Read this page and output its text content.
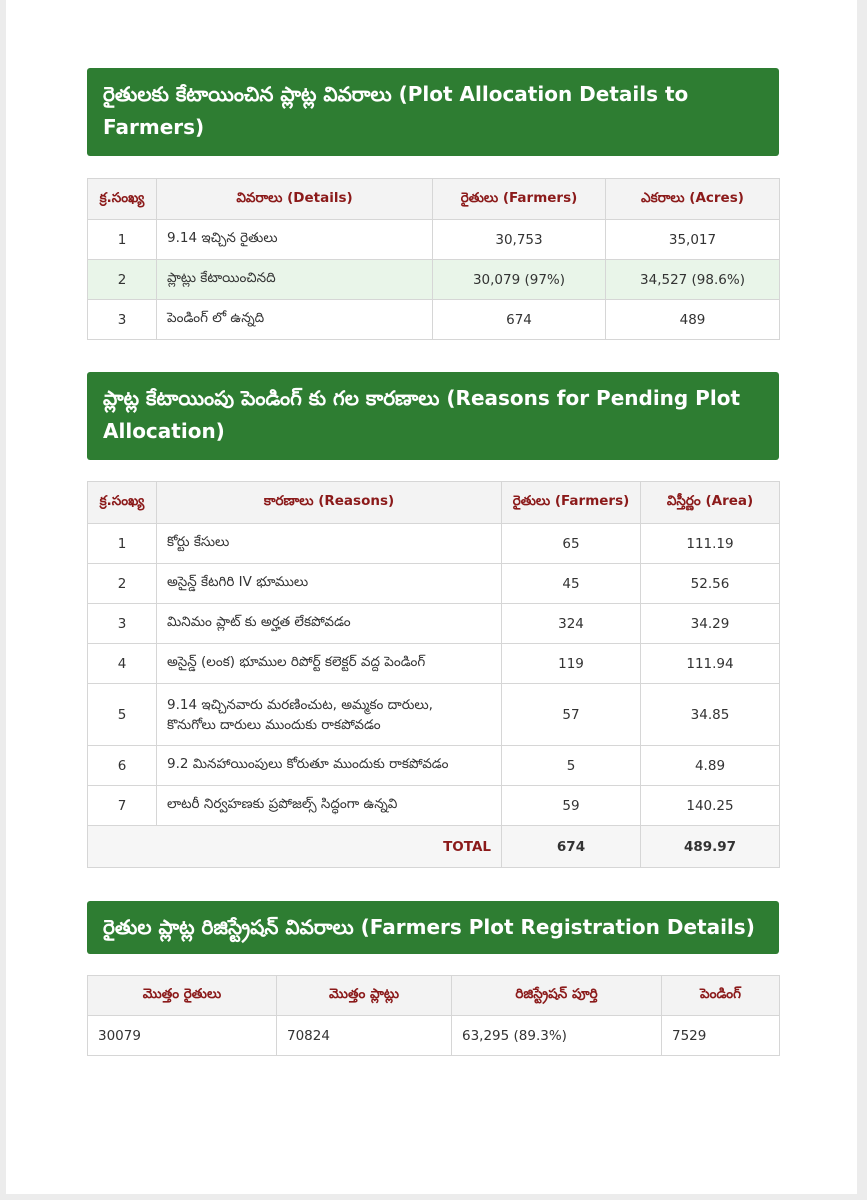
రైతులకు కేటాయించిన ప్లాట్ల వివరాలు (Plot Allocation Details to Farmers)
క్ర.సంఖ్య	వివరాలు (Details)	రైతులు (Farmers)	ఎకరాలు (Acres)
1	9.14 ఇచ్చిన రైతులు	30,753	35,017
2	ప్లాట్లు కేటాయించినది	30,079 (97%)	34,527 (98.6%)
3	పెండింగ్ లో ఉన్నది	674	489
ప్లాట్ల కేటాయింపు పెండింగ్ కు గల కారణాలు (Reasons for Pending Plot Allocation)
క్ర.సంఖ్య	కారణాలు (Reasons)	రైతులు (Farmers)	విస్తీర్ణం (Area)
1	కోర్టు కేసులు	65	111.19
2	అసైన్డ్ కేటగిరి IV భూములు	45	52.56
3	మినిమం ప్లాట్ కు అర్హత లేకపోవడం	324	34.29
4	అసైన్డ్ (లంక) భూముల రిపోర్ట్ కలెక్టర్ వద్ద పెండింగ్	119	111.94
5	9.14 ఇచ్చినవారు మరణించుట, అమ్మకం దారులు, కొనుగోలు దారులు ముందుకు రాకపోవడం	57	34.85
6	9.2 మినహాయింపులు కోరుతూ ముందుకు రాకపోవడం	5	4.89
7	లాటరీ నిర్వహణకు ప్రపోజల్స్ సిద్ధంగా ఉన్నవి	59	140.25
TOTAL		674	489.97
రైతుల ప్లాట్ల రిజిస్ట్రేషన్ వివరాలు (Farmers Plot Registration Details)
మొత్తం రైతులు	మొత్తం ప్లాట్లు	రిజిస్ట్రేషన్ పూర్తి	పెండింగ్
30079	70824	63,295 (89.3%)	7529
